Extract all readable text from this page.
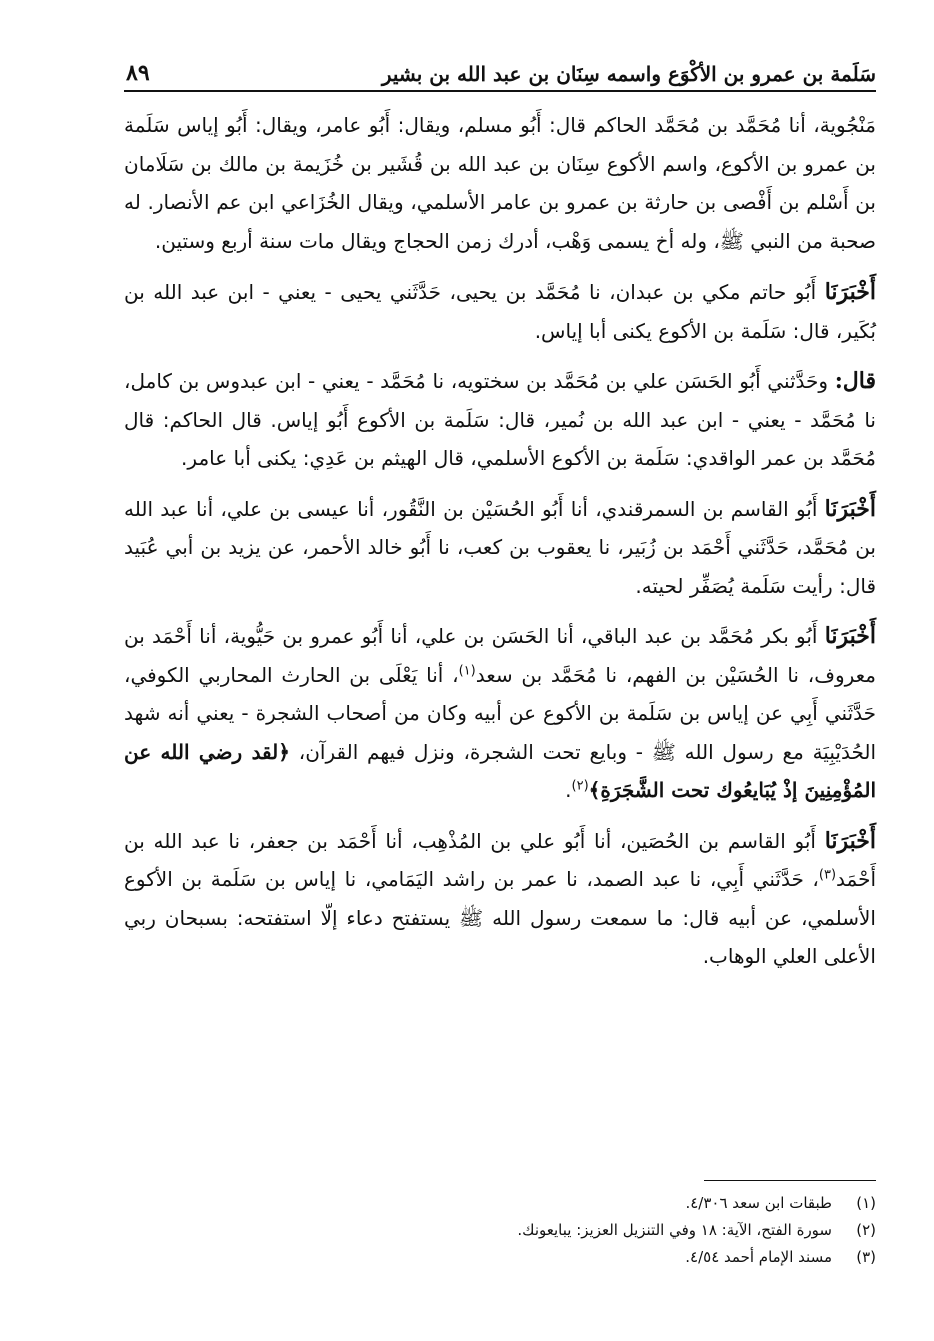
سَلَمة بن عمرو بن الأكْوَع واسمه سِنَان بن عبد الله بن بشير
٨٩

مَنْجُوية، أنا مُحَمَّد بن مُحَمَّد الحاكم قال: أَبُو مسلم، ويقال: أَبُو عامر، ويقال: أَبُو إياس سَلَمة بن عمرو بن الأكوع، واسم الأكوع سِنَان بن عبد الله بن قُشَير بن خُزَيمة بن مالك بن سَلَامان بن أَسْلم بن أَفْصى بن حارثة بن عمرو بن عامر الأسلمي، ويقال الخُزَاعي ابن عم الأنصار. له صحبة من النبي ﷺ، وله أخ يسمى وَهْب، أدرك زمن الحجاج ويقال مات سنة أربع وستين.

أَخْبَرَنَا أَبُو حاتم مكي بن عبدان، نا مُحَمَّد بن يحيى، حَدَّثَني يحيى - يعني - ابن عبد الله بن بُكَير، قال: سَلَمة بن الأكوع يكنى أبا إياس.

قال: وحَدَّثني أَبُو الحَسَن علي بن مُحَمَّد بن سختويه، نا مُحَمَّد - يعني - ابن عبدوس بن كامل، نا مُحَمَّد - يعني - ابن عبد الله بن نُمير، قال: سَلَمة بن الأكوع أَبُو إياس. قال الحاكم: قال مُحَمَّد بن عمر الواقدي: سَلَمة بن الأكوع الأسلمي، قال الهيثم بن عَدِي: يكنى أبا عامر.

أَخْبَرَنَا أَبُو القاسم بن السمرقندي، أنا أَبُو الحُسَيْن بن النَّقُور، أنا عيسى بن علي، أنا عبد الله بن مُحَمَّد، حَدَّثَني أَحْمَد بن زُبَير، نا يعقوب بن كعب، نا أَبُو خالد الأحمر، عن يزيد بن أبي عُبَيد قال: رأيت سَلَمة يُصَفِّر لحيته.

أَخْبَرَنَا أَبُو بكر مُحَمَّد بن عبد الباقي، أنا الحَسَن بن علي، أنا أَبُو عمرو بن حَيُّوية، أنا أَحْمَد بن معروف، نا الحُسَيْن بن الفهم، نا مُحَمَّد بن سعد$^{(١)}$، أنا يَعْلَى بن الحارث المحاربي الكوفي، حَدَّثَني أَبِي عن إياس بن سَلَمة بن الأكوع عن أبيه وكان من أصحاب الشجرة - يعني أنه شهد الحُدَيْبِيَة مع رسول الله ﷺ - وبايع تحت الشجرة، ونزل فيهم القرآن، ﴿لقد رضي الله عن المُؤْمِنِينَ إذْ يُبَايعُوك تحت الشَّجَرَةِ﴾$^{(٢)}$.

أَخْبَرَنَا أَبُو القاسم بن الحُصَين، أنا أَبُو علي بن المُذْهِب، أنا أَحْمَد بن جعفر، نا عبد الله بن أَحْمَد$^{(٣)}$، حَدَّثَني أَبِي، نا عبد الصمد، نا عمر بن راشد اليَمَامي، نا إياس بن سَلَمة بن الأكوع الأسلمي، عن أبيه قال: ما سمعت رسول الله ﷺ يستفتح دعاء إلّا استفتحه: بسبحان ربي الأعلى العلي الوهاب.

(١)
طبقات ابن سعد ٤/٣٠٦.
(٢)
سورة الفتح، الآية: ١٨ وفي التنزيل العزيز: يبايعونك.
(٣)
مسند الإمام أحمد ٤/٥٤.
